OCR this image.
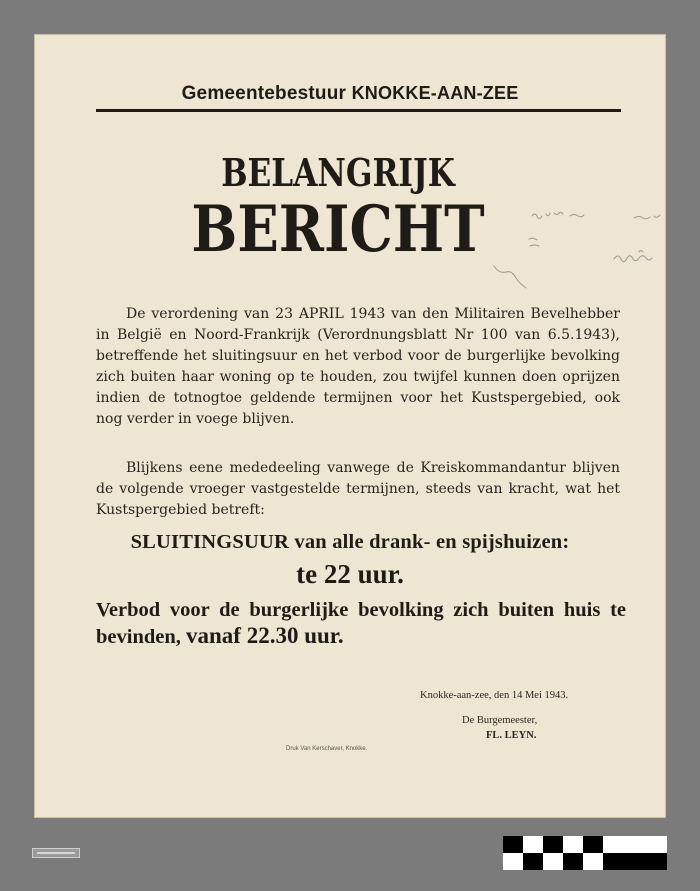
Gemeentebestuur KNOKKE-AAN-ZEE
BELANGRIJK
BERICHT
De verordening van 23 APRIL 1943 van den Militairen Bevelhebber in België en Noord-Frankrijk (Verordnungsblatt Nr 100 van 6.5.1943), betreffende het sluitingsuur en het verbod voor de burgerlijke bevolking zich buiten haar woning op te houden, zou twijfel kunnen doen oprijzen indien de totnogtoe geldende termijnen voor het Kustspergebied, ook nog verder in voege blijven.
Blijkens eene mededeeling vanwege de Kreiskommandantur blijven de volgende vroeger vastgestelde termijnen, steeds van kracht, wat het Kustspergebied betreft:
SLUITINGSUUR van alle drank- en spijshuizen:
te 22 uur.
Verbod voor de burgerlijke bevolking zich buiten huis te bevinden, vanaf 22.30 uur.
Knokke-aan-zee, den 14 Mei 1943.
De Burgemeester,
FL. LEYN.
Druk Van Kerschaver, Knokke.
